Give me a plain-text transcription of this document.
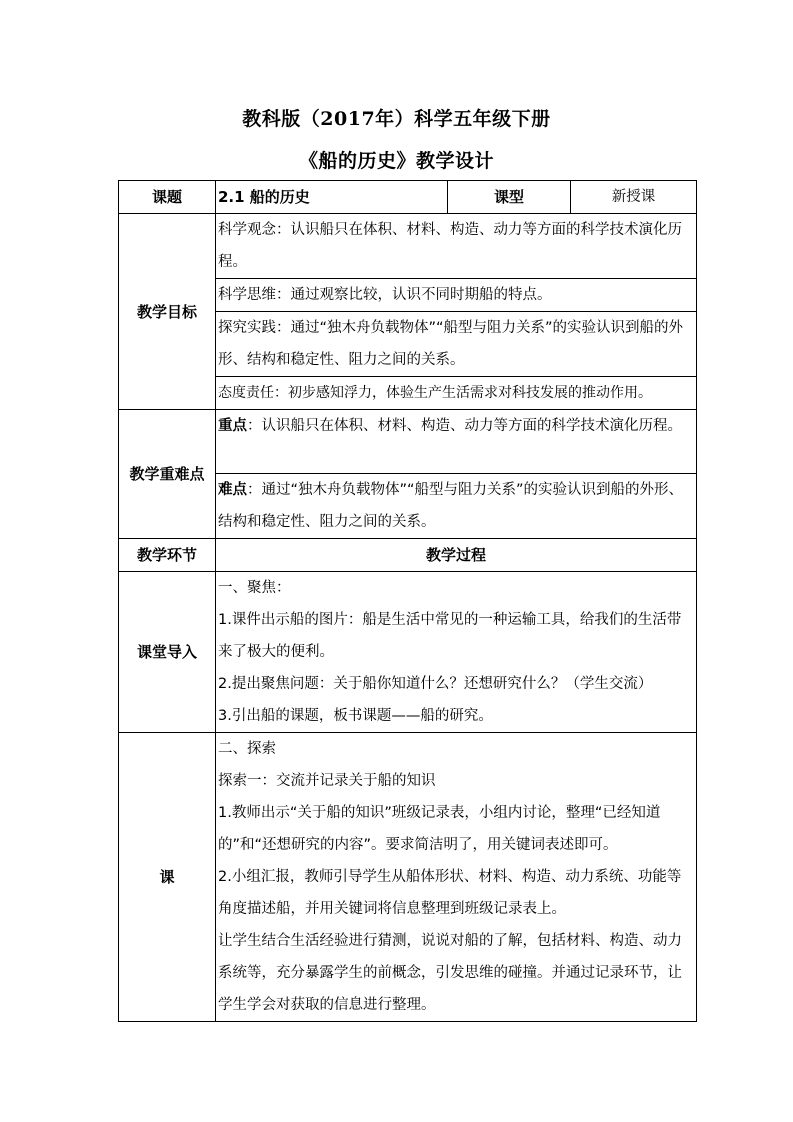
教科版（2017年）科学五年级下册
《船的历史》教学设计
课题	2.1 船的历史	课型	新授课
教学目标	科学观念：认识船只在体积、材料、构造、动力等方面的科学技术演化历程。		
	科学思维：通过观察比较，认识不同时期船的特点。		
	探究实践：通过“独木舟负载物体”“船型与阻力关系”的实验认识到船的外形、结构和稳定性、阻力之间的关系。		
	态度责任：初步感知浮力，体验生产生活需求对科技发展的推动作用。		
教学重难点	重点：认识船只在体积、材料、构造、动力等方面的科学技术演化历程。		
	难点：通过“独木舟负载物体”“船型与阻力关系”的实验认识到船的外形、结构和稳定性、阻力之间的关系。		
教学环节	教学过程		
课堂导入	一、聚焦：
1.课件出示船的图片：船是生活中常见的一种运输工具，给我们的生活带来了极大的便利。
2.提出聚焦问题：关于船你知道什么？还想研究什么？（学生交流）
3.引出船的课题，板书课题——船的研究。		

课	二、探索
探索一：交流并记录关于船的知识
1.教师出示“关于船的知识”班级记录表，小组内讨论，整理“已经知道的”和“还想研究的内容”。要求简洁明了，用关键词表述即可。
2.小组汇报，教师引导学生从船体形状、材料、构造、动力系统、功能等角度描述船，并用关键词将信息整理到班级记录表上。
让学生结合生活经验进行猜测，说说对船的了解，包括材料、构造、动力系统等，充分暴露学生的前概念，引发思维的碰撞。并通过记录环节，让学生学会对获取的信息进行整理。		
